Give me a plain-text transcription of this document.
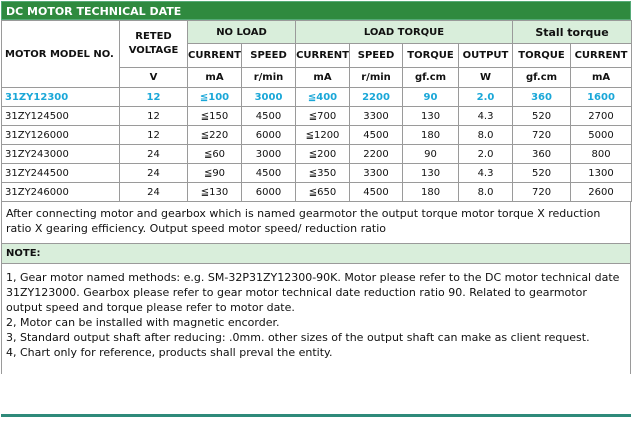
DC MOTOR TECHNICAL DATE
MOTOR MODEL NO.	RETED VOLTAGE	NO LOAD		LOAD TORQUE				Stall torque	
		CURRENT	SPEED	CURRENT	SPEED	TORQUE	OUTPUT	TORQUE	CURRENT
	V	mA	r/min	mA	r/min	gf.cm	W	gf.cm	mA
31ZY12300	12	≦100	3000	≦400	2200	90	2.0	360	1600
31ZY124500	12	≦150	4500	≦700	3300	130	4.3	520	2700
31ZY126000	12	≦220	6000	≦1200	4500	180	8.0	720	5000
31ZY243000	24	≦60	3000	≦200	2200	90	2.0	360	800
31ZY244500	24	≦90	4500	≦350	3300	130	4.3	520	1300
31ZY246000	24	≦130	6000	≦650	4500	180	8.0	720	2600
After connecting motor and gearbox which is named gearmotor the output torque motor torque X reduction ratio X gearing efficiency. Output speed motor speed/ reduction ratio
NOTE:
1, Gear motor named methods: e.g. SM-32P31ZY12300-90K. Motor please refer to the DC motor technical date 31ZY123000. Gearbox please refer to gear motor technical date reduction ratio 90. Related to gearmotor output speed and torque please refer to motor date.
2, Motor can be installed with magnetic encorder.
3, Standard output shaft after reducing: .0mm. other sizes of the output shaft can make as client request.
4, Chart only for reference, products shall preval the entity.
